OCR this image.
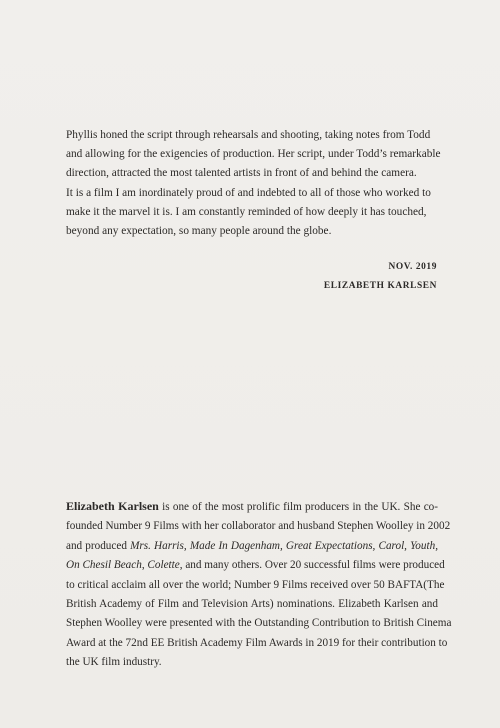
Phyllis honed the script through rehearsals and shooting, taking notes from Todd
and allowing for the exigencies of production. Her script, under Todd’s remarkable
direction, attracted the most talented artists in front of and behind the camera.
It is a film I am inordinately proud of and indebted to all of those who worked to
make it the marvel it is. I am constantly reminded of how deeply it has touched,
beyond any expectation, so many people around the globe.

NOV. 2019
ELIZABETH KARLSEN

Elizabeth Karlsen is one of the most prolific film producers in the UK. She co-
founded Number 9 Films with her collaborator and husband Stephen Woolley in 2002
and produced Mrs. Harris, Made In Dagenham, Great Expectations, Carol, Youth,
On Chesil Beach, Colette, and many others. Over 20 successful films were produced
to critical acclaim all over the world; Number 9 Films received over 50 BAFTA(The
British Academy of Film and Television Arts) nominations. Elizabeth Karlsen and
Stephen Woolley were presented with the Outstanding Contribution to British Cinema
Award at the 72nd EE British Academy Film Awards in 2019 for their contribution to
the UK film industry.
